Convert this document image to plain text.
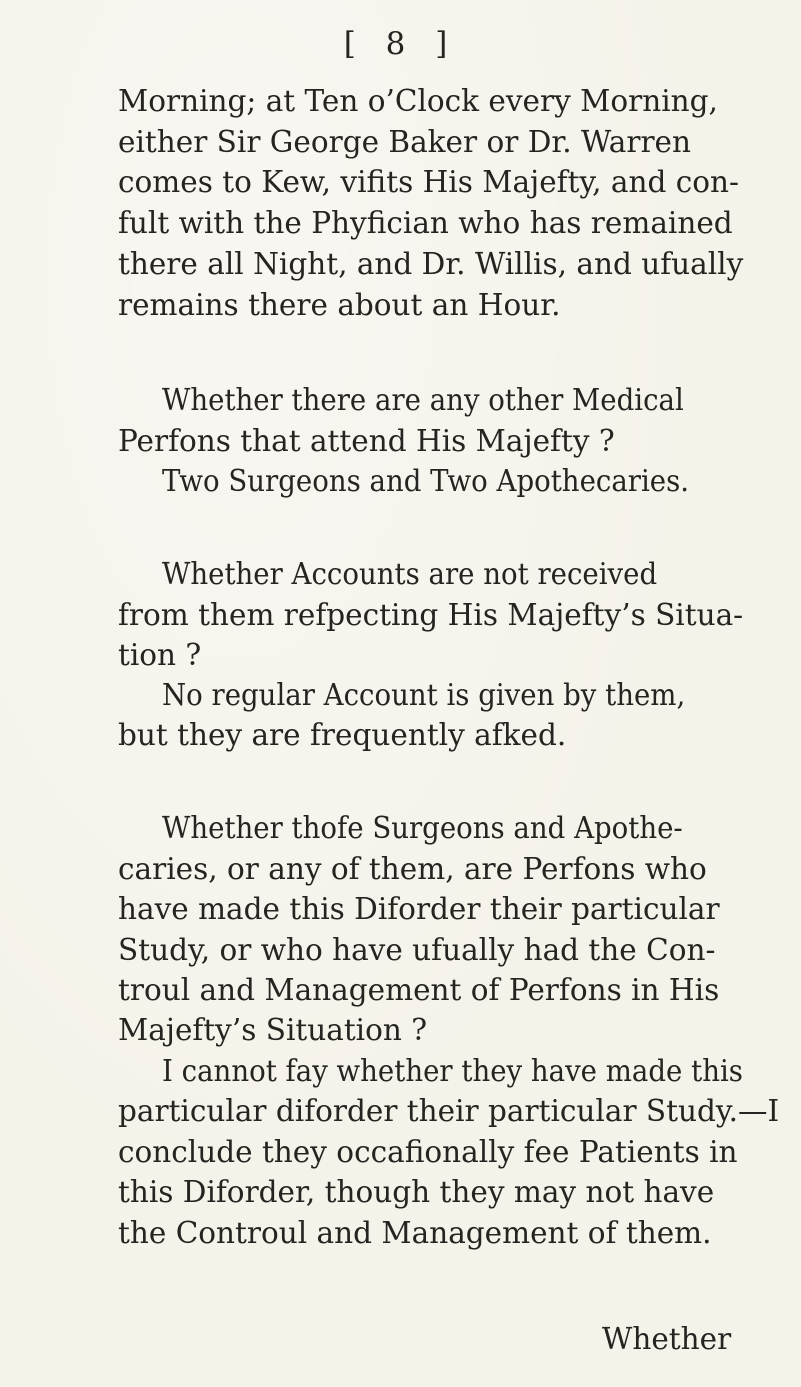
[ 8 ]
Morning; at Ten o’Clock every Morning,
either Sir George Baker or Dr. Warren
comes to Kew, vifits His Majefty, and con-
fult with the Phyfician who has remained
there all Night, and Dr. Willis, and ufually
remains there about an Hour.
Whether there are any other Medical
Perfons that attend His Majefty ?
Two Surgeons and Two Apothecaries.
Whether Accounts are not received
from them refpecting His Majefty’s Situa-
tion ?
No regular Account is given by them,
but they are frequently afked.
Whether thofe Surgeons and Apothe-
caries, or any of them, are Perfons who
have made this Diforder their particular
Study, or who have ufually had the Con-
troul and Management of Perfons in His
Majefty’s Situation ?
I cannot fay whether they have made this
particular diforder their particular Study.—I
conclude they occafionally fee Patients in
this Diforder, though they may not have
the Controul and Management of them.
Whether
